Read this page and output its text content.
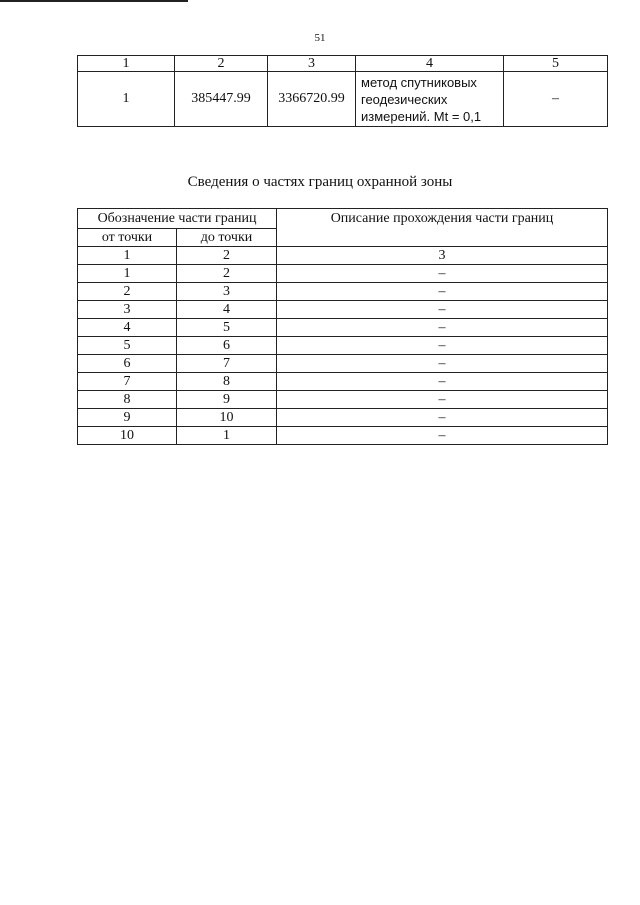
51
1	2	3	4	5
1	385447.99	3366720.99	метод спутниковых
геодезических
измерений. Mt = 0,1	–
Сведения о частях границ охранной зоны
Обозначение части границ		Описание прохождения части границ
от точки	до точки	
1	2	3
1	2	–
2	3	–
3	4	–
4	5	–
5	6	–
6	7	–
7	8	–
8	9	–
9	10	–
10	1	–
